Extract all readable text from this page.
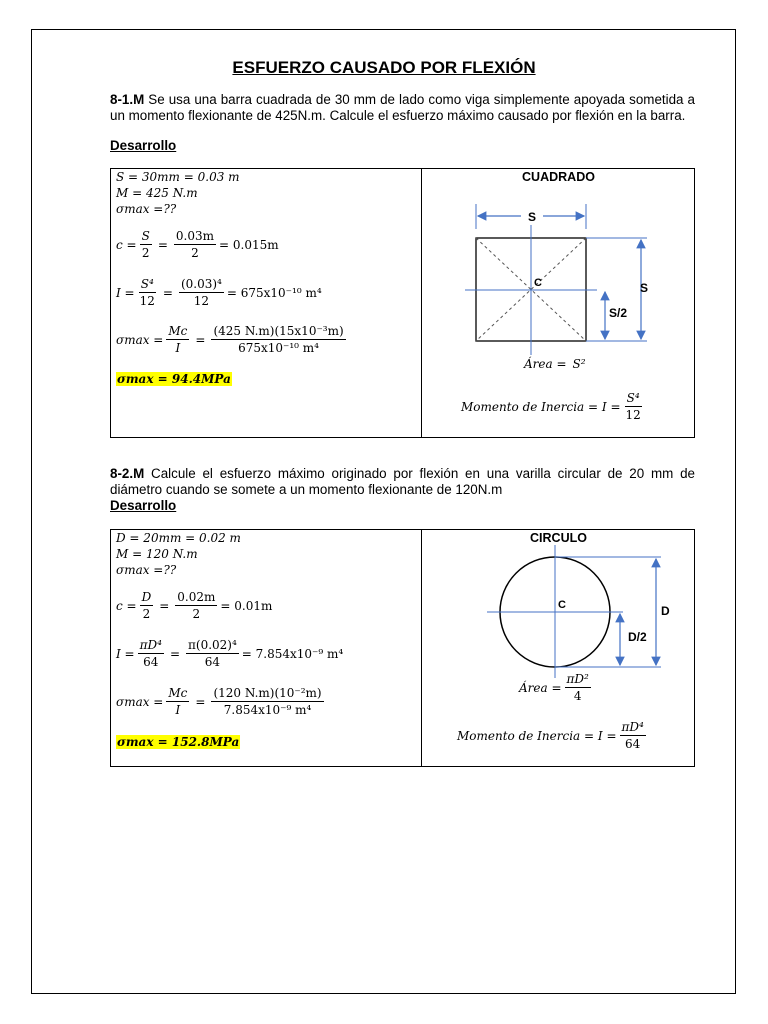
ESFUERZO CAUSADO POR FLEXIÓN
8-1.M Se usa una barra cuadrada de 30 mm de lado como viga simplemente apoyada sometida a un momento flexionante de 425N.m. Calcule el esfuerzo máximo causado por flexión en la barra.
Desarrollo
S = 30mm = 0.03 m
M = 425 N.m
σmax =??
$c = \frac{S}{2} = \frac{0.03m}{2} = 0.015m$
$I = \frac{\text{S⁴}}{12} = \frac{\text{(0.03)⁴}}{12} = 675x10^{-10}$ m⁴
$\sigma\max = \frac{Mc}{I} = \frac{\text{(425 N.m)(15x10⁻³m)}}{\text{675x10⁻¹⁰ m⁴}}$
σmax = 94.4MPa
CUADRADO
S
C	S
S/2
Área = S²
Momento de Inercia = $I = \frac{\text{S⁴}}{12}$
8-2.M Calcule el esfuerzo máximo originado por flexión en una varilla circular de 20 mm de diámetro cuando se somete a un momento flexionante de 120N.m
Desarrollo
D = 20mm = 0.02 m
M = 120 N.m
σmax =??
$c = \frac{D}{2} = \frac{0.02m}{2} = 0.01m$
$I = \frac{\text{πD⁴}}{64} = \frac{\text{π(0.02)⁴}}{64} = 7.854x10^{-9}$ m⁴
$\sigma\max = \frac{Mc}{I} = \frac{\text{(120 N.m)(10⁻²m)}}{\text{7.854x10⁻⁹ m⁴}}$
σmax = 152.8MPa
CIRCULO
C	D
D/2
Área = $\frac{\text{πD²}}{4}$
Momento de Inercia = $I = \frac{\text{πD⁴}}{64}$
